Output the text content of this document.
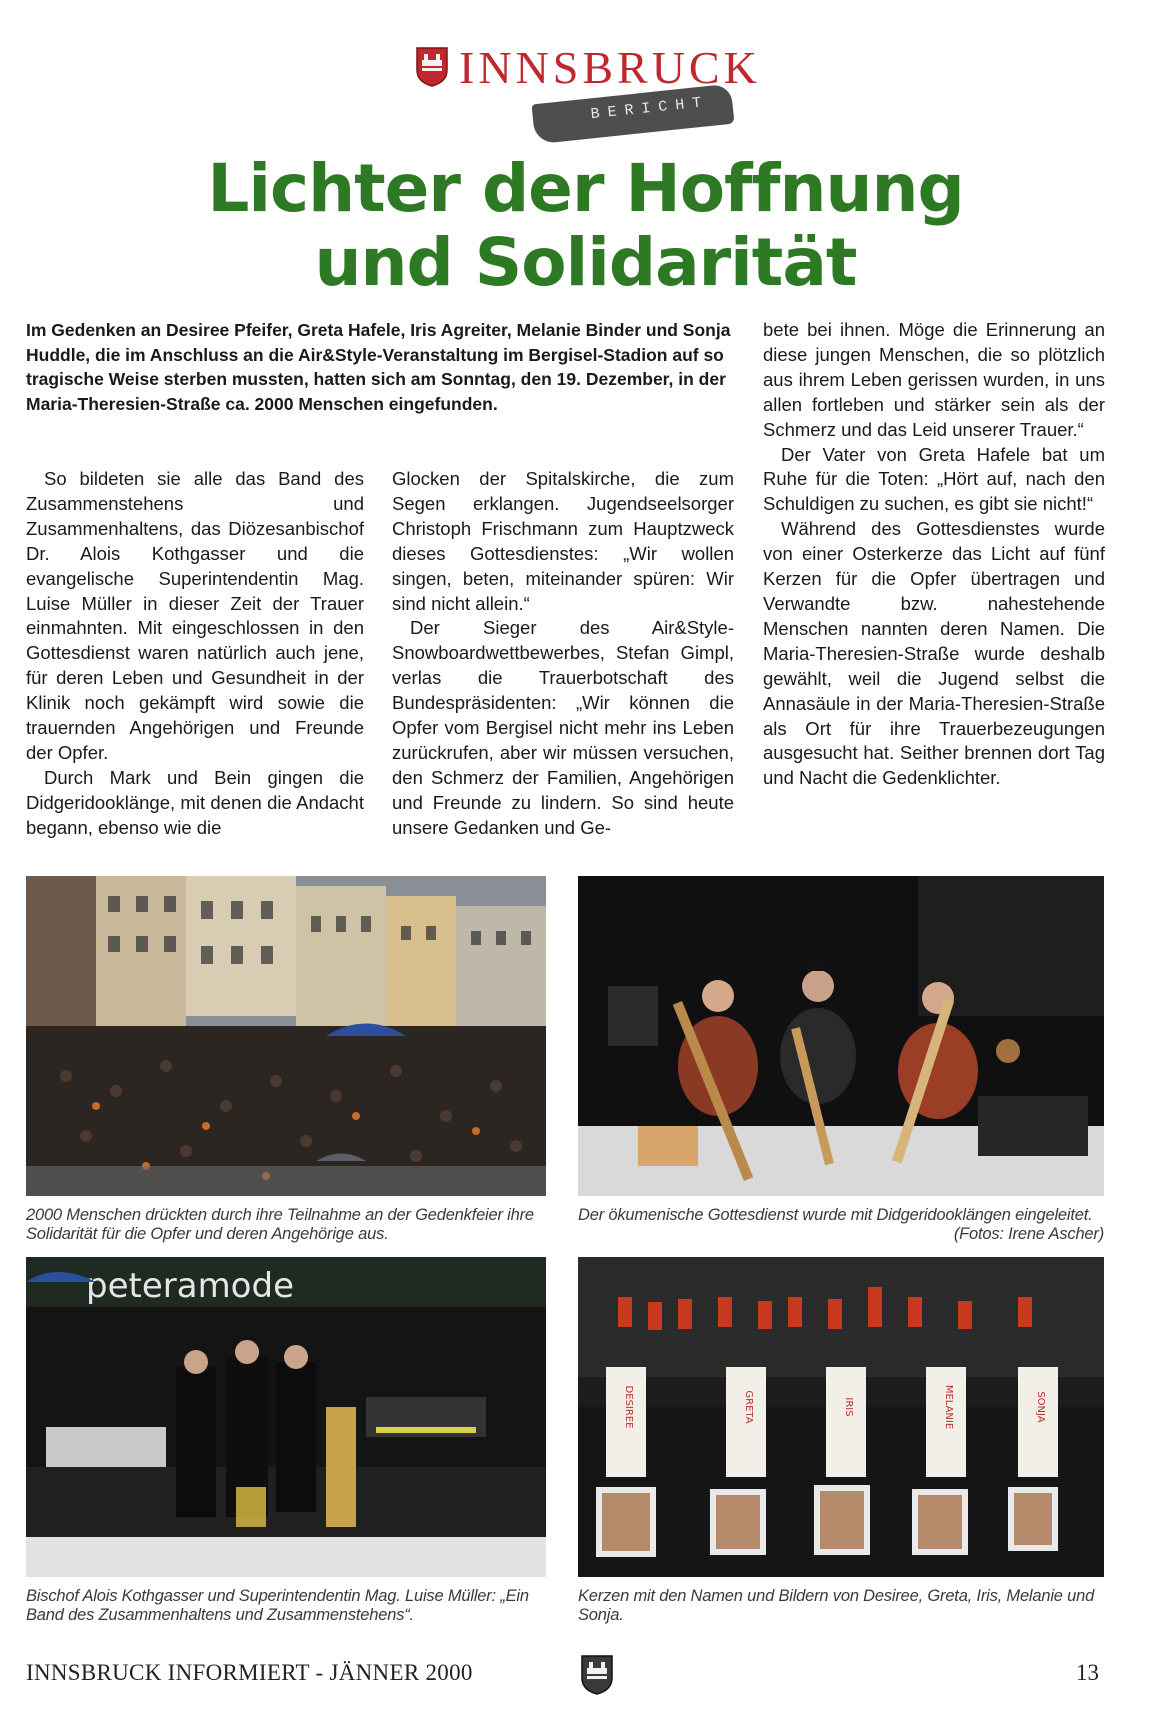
INNSBRUCK
BERICHT
Lichter der Hoffnung
und Solidarität
Im Gedenken an Desiree Pfeifer, Greta Hafele, Iris Agreiter, Melanie Binder und Sonja Huddle, die im Anschluss an die Air&Style-Veranstaltung im Bergisel-Stadion auf so tragische Weise sterben mussten, hatten sich am Sonntag, den 19. Dezember, in der Maria-Theresien-Straße ca. 2000 Menschen eingefunden.

So bildeten sie alle das Band des Zusammenstehens und Zusammenhaltens, das Diözesanbischof Dr. Alois Kothgasser und die evangelische Superintendentin Mag. Luise Müller in dieser Zeit der Trauer einmahnten. Mit eingeschlossen in den Gottesdienst waren natürlich auch jene, für deren Leben und Gesundheit in der Klinik noch gekämpft wird sowie die trauernden Angehörigen und Freunde der Opfer.

Durch Mark und Bein gingen die Didgeridooklänge, mit denen die Andacht begann, ebenso wie die

Glocken der Spitalskirche, die zum Segen erklangen. Jugendseelsorger Christoph Frischmann zum Hauptzweck dieses Gottesdienstes: „Wir wollen singen, beten, miteinander spüren: Wir sind nicht allein.“

Der Sieger des Air&Style-Snowboardwettbewerbes, Stefan Gimpl, verlas die Trauerbotschaft des Bundespräsidenten: „Wir können die Opfer vom Bergisel nicht mehr ins Leben zurückrufen, aber wir müssen versuchen, den Schmerz der Familien, Angehörigen und Freunde zu lindern. So sind heute unsere Gedanken und Ge-

bete bei ihnen. Möge die Erinnerung an diese jungen Menschen, die so plötzlich aus ihrem Leben gerissen wurden, in uns allen fortleben und stärker sein als der Schmerz und das Leid unserer Trauer.“

Der Vater von Greta Hafele bat um Ruhe für die Toten: „Hört auf, nach den Schuldigen zu suchen, es gibt sie nicht!“

Während des Gottesdienstes wurde von einer Osterkerze das Licht auf fünf Kerzen für die Opfer übertragen und Verwandte bzw. nahestehende Menschen nannten deren Namen. Die Maria-Theresien-Straße wurde deshalb gewählt, weil die Jugend selbst die Annasäule in der Maria-Theresien-Straße als Ort für ihre Trauerbezeugungen ausgesucht hat. Seither brennen dort Tag und Nacht die Gedenklichter.

peteramode
DESIREE	GRETA	IRIS	MELANIE	SONJA
2000 Menschen drückten durch ihre Teilnahme an der Gedenkfeier ihre Solidarität für die Opfer und deren Angehörige aus.
Der ökumenische Gottesdienst wurde mit Didgeridooklängen eingeleitet.
(Fotos: Irene Ascher)
Bischof Alois Kothgasser und Superintendentin Mag. Luise Müller: „Ein Band des Zusammenhaltens und Zusammenstehens“.
Kerzen mit den Namen und Bildern von Desiree, Greta, Iris, Melanie und Sonja.
INNSBRUCK INFORMIERT - JÄNNER 2000	13
